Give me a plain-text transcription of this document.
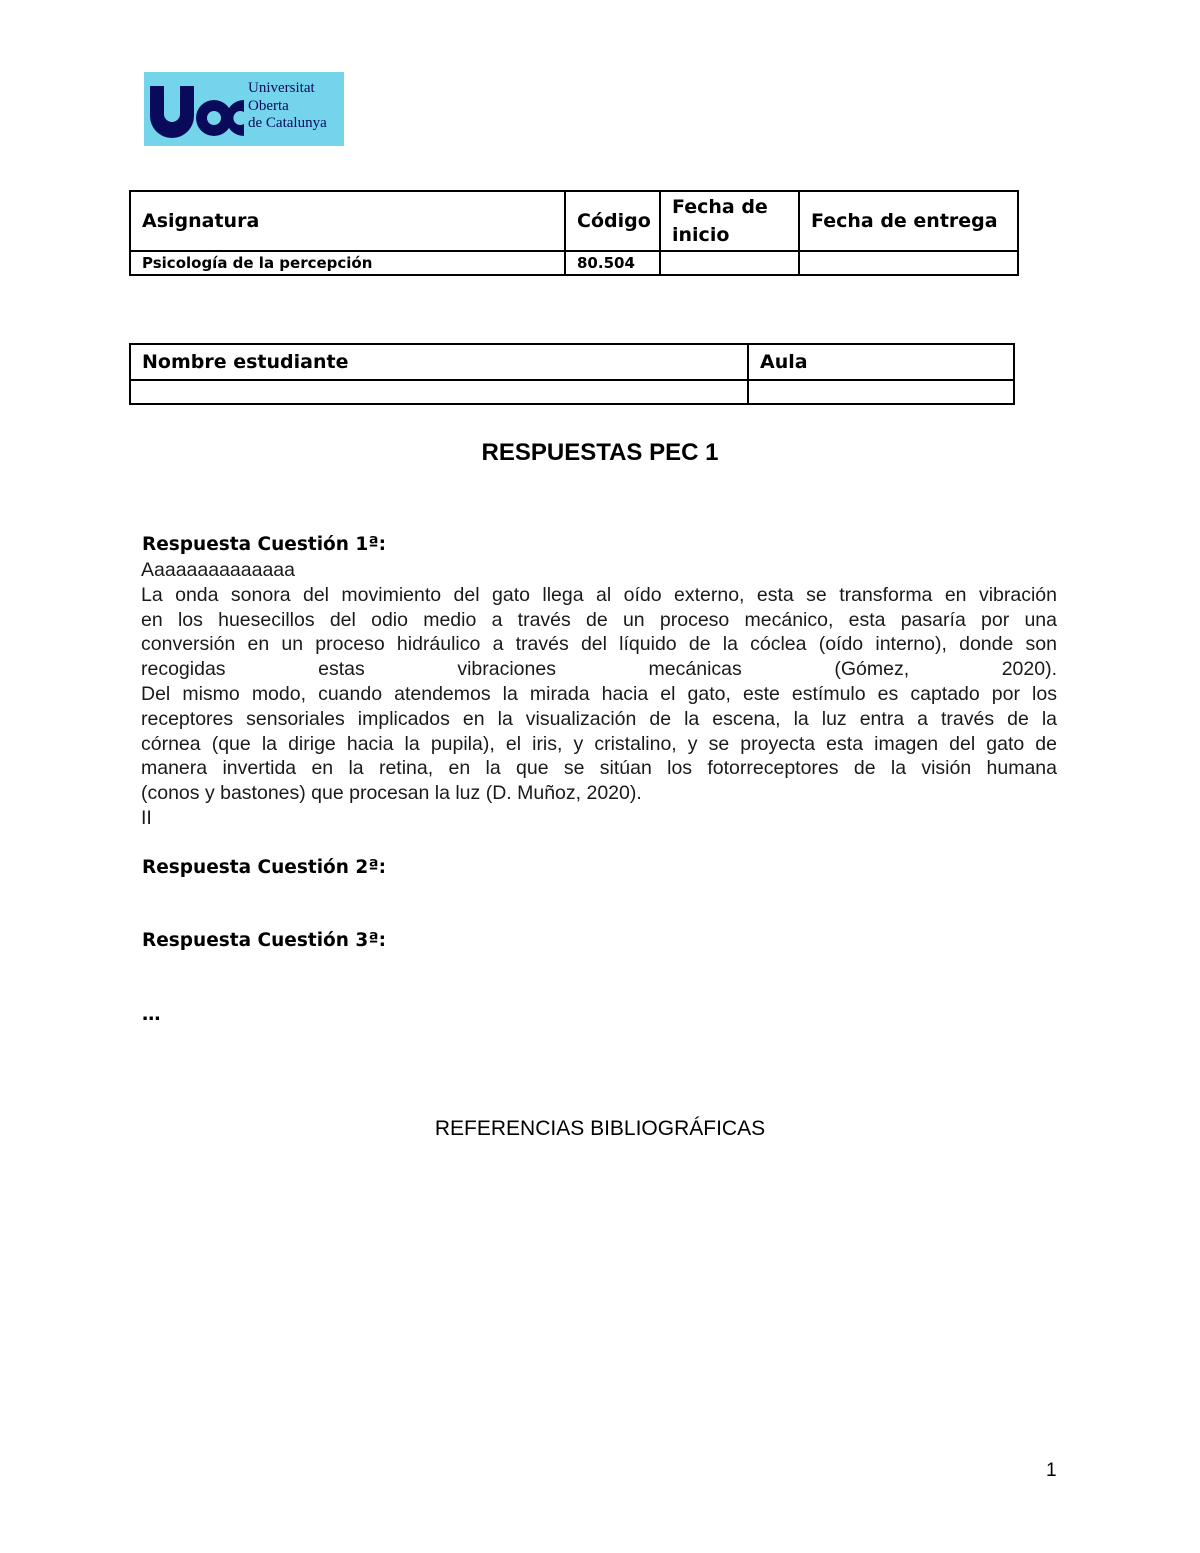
Universitat
Oberta
de Catalunya
Asignatura	Código	Fecha de inicio	Fecha de entrega
Psicología de la percepción	80.504		
Nombre estudiante	Aula

RESPUESTAS PEC 1
Respuesta Cuestión 1ª:
Aaaaaaaaaaaaaa
La onda sonora del movimiento del gato llega al oído externo, esta se transforma en vibración
en los huesecillos del odio medio a través de un proceso mecánico, esta pasaría por una
conversión en un proceso hidráulico a través del líquido de la cóclea (oído interno), donde son
recogidas estas vibraciones mecánicas (Gómez, 2020).
Del mismo modo, cuando atendemos la mirada hacia el gato, este estímulo es captado por los
receptores sensoriales implicados en la visualización de la escena, la luz entra a través de la
córnea (que la dirige hacia la pupila), el iris, y cristalino, y se proyecta esta imagen del gato de
manera invertida en la retina, en la que se sitúan los fotorreceptores de la visión humana
(conos y bastones) que procesan la luz (D. Muñoz, 2020).
II
Respuesta Cuestión 2ª:
Respuesta Cuestión 3ª:
…
REFERENCIAS BIBLIOGRÁFICAS
1
